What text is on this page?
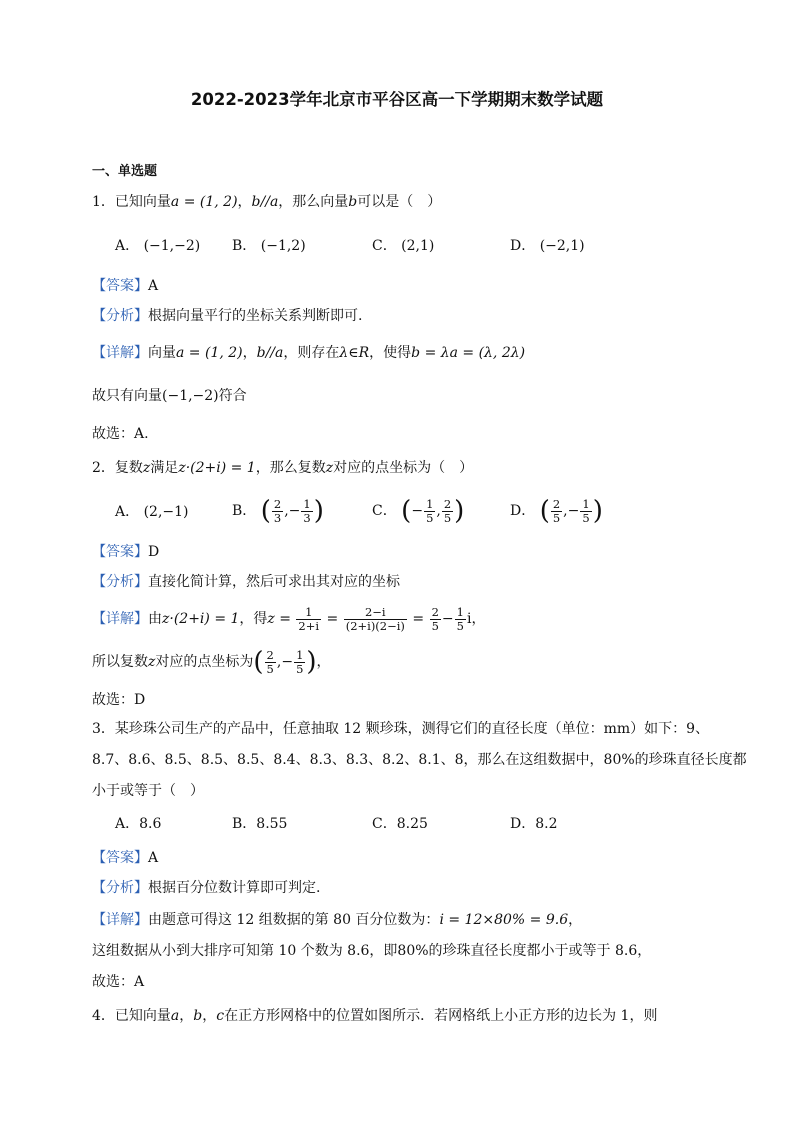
2022-2023学年北京市平谷区高一下学期期末数学试题
一、单选题
1．已知向量a = (1, 2)，b//a，那么向量b可以是（　）
A． (−1,−2) B． (−1,2)	C． (2,1)	D． (−2,1)
【答案】A
【分析】根据向量平行的坐标关系判断即可.
【详解】向量a = (1, 2)，b//a，则存在λ∈R，使得b = λa = (λ, 2λ)
故只有向量(−1,−2)符合
故选：A.
2．复数z满足z·(2+i) = 1，那么复数z对应的点坐标为（　）
A． (2,−1)	B． ( $\frac{2}{3}$ ,− $\frac{1}{3}$ )	C． (− $\frac{1}{5}$ , $\frac{2}{5}$ )	D． ( $\frac{2}{5}$ ,− $\frac{1}{5}$ )
【答案】D
【分析】直接化简计算，然后可求出其对应的坐标
【详解】由z·(2+i) = 1，得$z = \frac{1}{2+i} = \frac{2-i}{(2+i)(2-i)} = \frac{2}{5} - \frac{1}{5}$ i，
所以复数z对应的点坐标为( $\frac{2}{5}$ ,− $\frac{1}{5}$ )，
故选：D
3．某珍珠公司生产的产品中，任意抽取 12 颗珍珠，测得它们的直径长度（单位：mm）如下：9、
8.7、8.6、8.5、8.5、8.5、8.4、8.3、8.3、8.2、8.1、8，那么在这组数据中，80%的珍珠直径长度都
小于或等于（　）
A．8.6	B．8.55	C．8.25	D．8.2
【答案】A
【分析】根据百分位数计算即可判定.
【详解】由题意可得这 12 组数据的第 80 百分位数为：i = 12×80% = 9.6，
这组数据从小到大排序可知第 10 个数为 8.6，即80%的珍珠直径长度都小于或等于 8.6，
故选：A
4．已知向量a，b，c在正方形网格中的位置如图所示．若网格纸上小正方形的边长为 1，则
